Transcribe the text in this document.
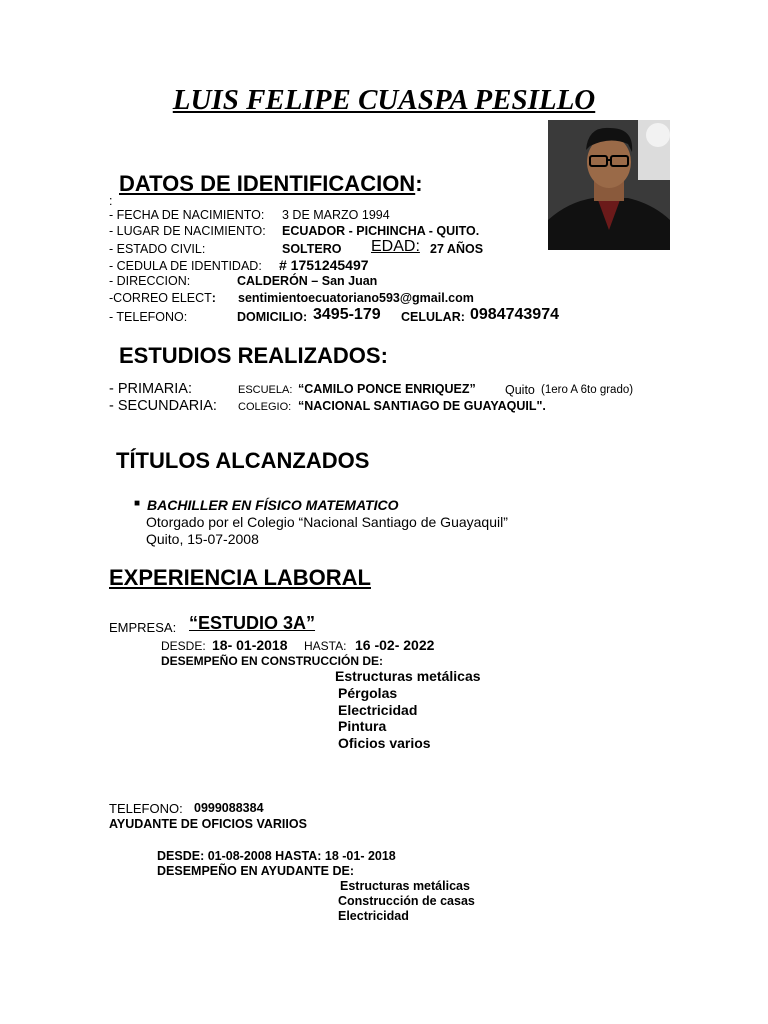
LUIS FELIPE CUASPA PESILLO
DATOS DE IDENTIFICACION:
:
- FECHA DE NACIMIENTO: 3 DE MARZO 1994
- LUGAR DE NACIMIENTO: ECUADOR - PICHINCHA - QUITO.
- ESTADO CIVIL:	SOLTERO EDAD: 27 AÑOS
- CEDULA DE IDENTIDAD: # 1751245497
- DIRECCION:	CALDERÓN – San Juan
-CORREO ELECT: sentimientoecuatoriano593@gmail.com
- TELEFONO:	DOMICILIO: 3495-179 CELULAR: 0984743974
ESTUDIOS REALIZADOS:
- PRIMARIA:	ESCUELA: “CAMILO PONCE ENRIQUEZ” Quito (1ero A 6to grado)
- SECUNDARIA: COLEGIO: “NACIONAL SANTIAGO DE GUAYAQUIL".
TÍTULOS ALCANZADOS
■ BACHILLER EN FÍSICO MATEMATICO
Otorgado por el Colegio “Nacional Santiago de Guayaquil”
Quito, 15-07-2008
EXPERIENCIA LABORAL
EMPRESA: “ESTUDIO 3A”
DESDE: 18- 01-2018 HASTA: 16 -02- 2022
DESEMPEÑO EN CONSTRUCCIÓN DE:
Estructuras metálicas
Pérgolas
Electricidad
Pintura
Oficios varios
TELEFONO: 0999088384
AYUDANTE DE OFICIOS VARIIOS
DESDE: 01-08-2008 HASTA: 18 -01- 2018
DESEMPEÑO EN AYUDANTE DE:
Estructuras metálicas
Construcción de casas
Electricidad
